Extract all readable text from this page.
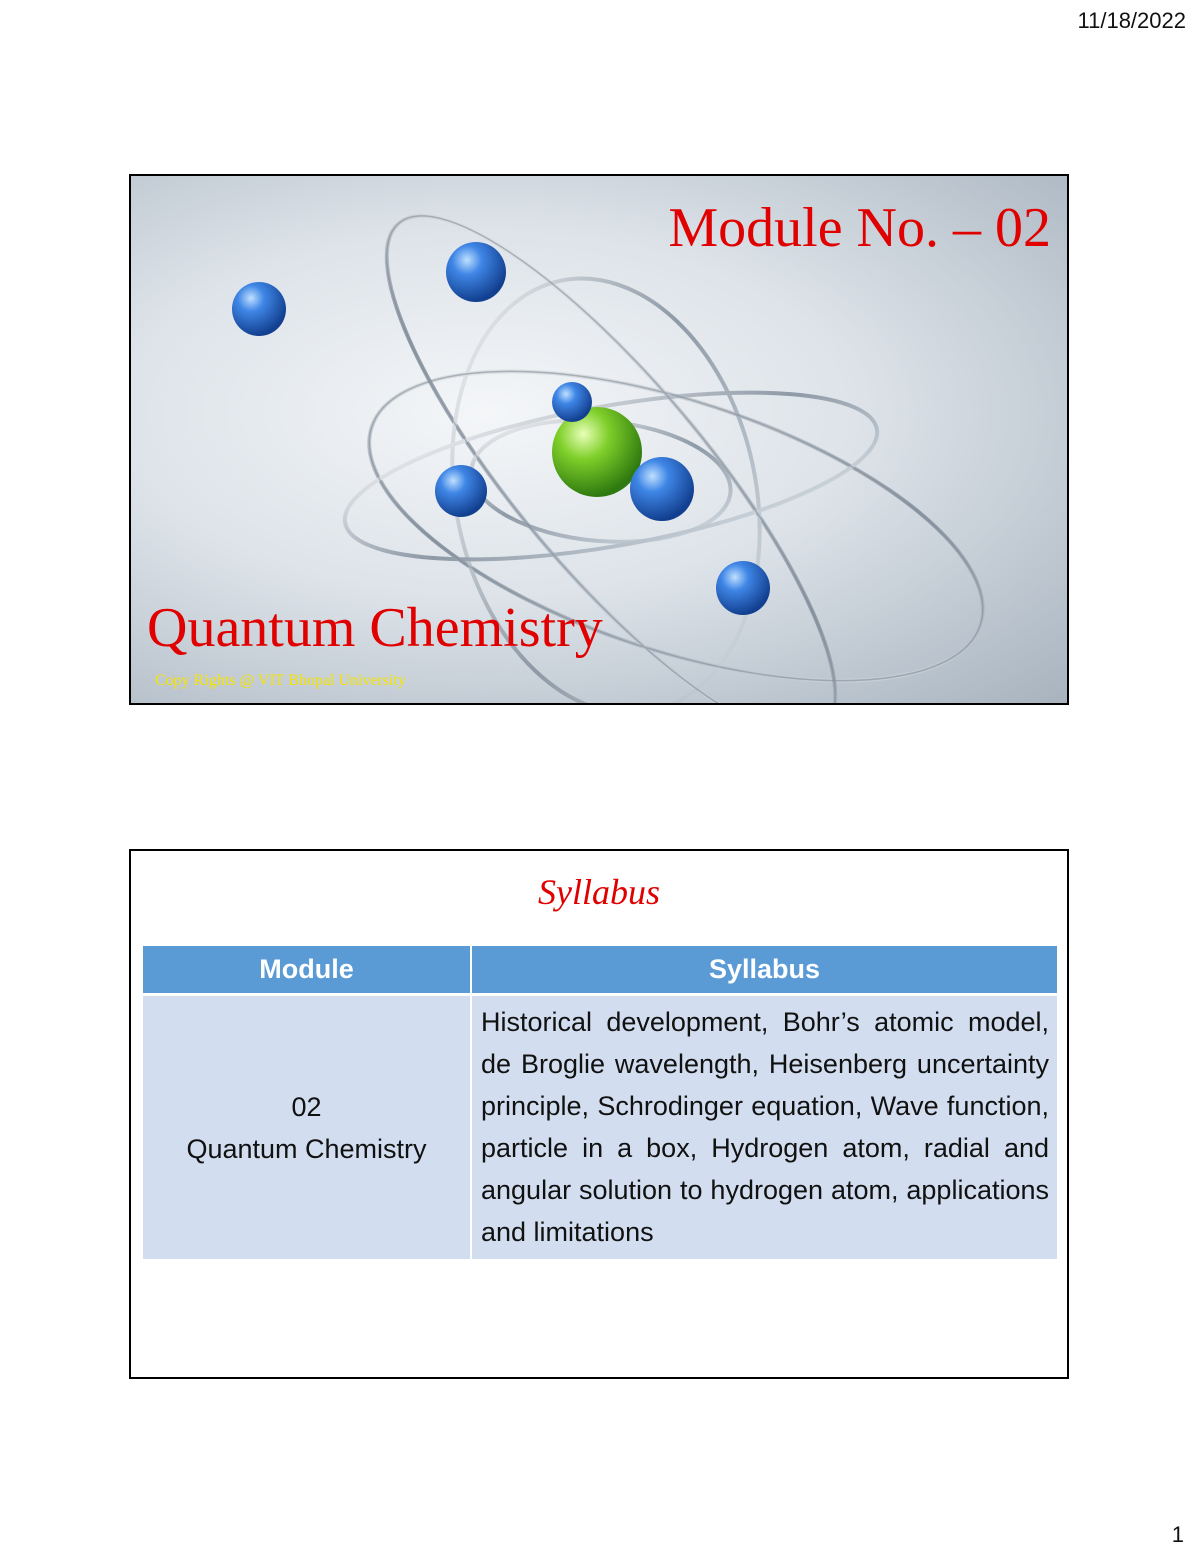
11/18/2022
Module No. – 02
Quantum Chemistry
Copy Rights @ VIT Bhopal University
Syllabus
Module	Syllabus

02
Quantum Chemistry	Historical development, Bohr’s atomic model, de Broglie wavelength, Heisenberg uncertainty principle, Schrodinger equation, Wave function, particle in a box, Hydrogen atom, radial and angular solution to hydrogen atom, applications and limitations
1
